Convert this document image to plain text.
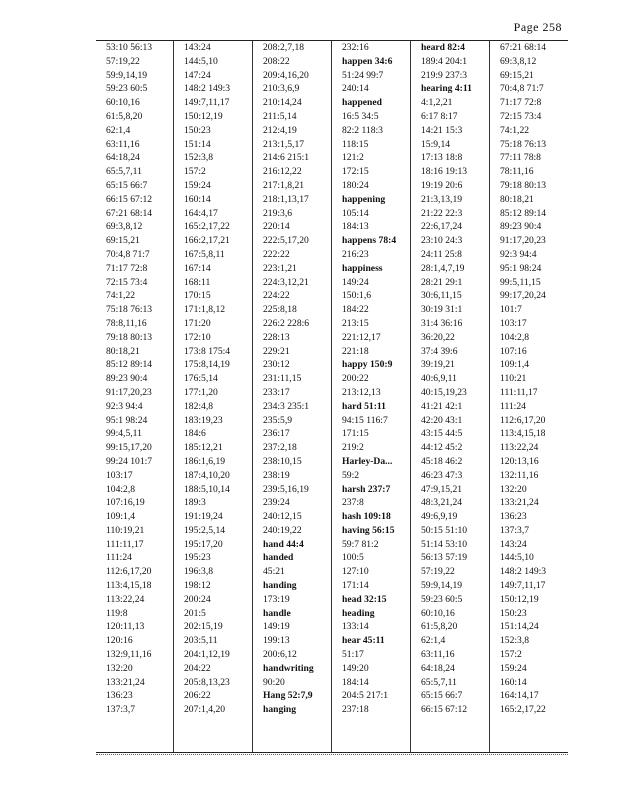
Page 258
53:10 56:13
57:19,22
59:9,14,19
59:23 60:5
60:10,16
61:5,8,20
62:1,4
63:11,16
64:18,24
65:5,7,11
65:15 66:7
66:15 67:12
67:21 68:14
69:3,8,12
69:15,21
70:4,8 71:7
71:17 72:8
72:15 73:4
74:1,22
75:18 76:13
78:8,11,16
79:18 80:13
80:18,21
85:12 89:14
89:23 90:4
91:17,20,23
92:3 94:4
95:1 98:24
99:4,5,11
99:15,17,20
99:24 101:7
103:17
104:2,8
107:16,19
109:1,4
110:19,21
111:11,17
111:24
112:6,17,20
113:4,15,18
113:22,24
119:8
120:11,13
120:16
132:9,11,16
132:20
133:21,24
136:23
137:3,7
143:24
144:5,10
147:24
148:2 149:3
149:7,11,17
150:12,19
150:23
151:14
152:3,8
157:2
159:24
160:14
164:4,17
165:2,17,22
166:2,17,21
167:5,8,11
167:14
168:11
170:15
171:1,8,12
171:20
172:10
173:8 175:4
175:8,14,19
176:5,14
177:1,20
182:4,8
183:19,23
184:6
185:12,21
186:1,6,19
187:4,10,20
188:5,10,14
189:3
191:19,24
195:2,5,14
195:17,20
195:23
196:3,8
198:12
200:24
201:5
202:15,19
203:5,11
204:1,12,19
204:22
205:8,13,23
206:22
207:1,4,20
208:2,7,18
208:22
209:4,16,20
210:3,6,9
210:14,24
211:5,14
212:4,19
213:1,5,17
214:6 215:1
216:12,22
217:1,8,21
218:1,13,17
219:3,6
220:14
222:5,17,20
222:22
223:1,21
224:3,12,21
224:22
225:8,18
226:2 228:6
228:13
229:21
230:12
231:11,15
233:17
234:3 235:1
235:5,9
236:17
237:2,18
238:10,15
238:19
239:5,16,19
239:24
240:12,15
240:19,22
hand 44:4
handed
45:21
handing
173:19
handle
149:19
199:13
200:6,12
handwriting
90:20
Hang 52:7,9
hanging
232:16
happen 34:6
51:24 99:7
240:14
happened
16:5 34:5
82:2 118:3
118:15
121:2
172:15
180:24
happening
105:14
184:13
happens 78:4
216:23
happiness
149:24
150:1,6
184:22
213:15
221:12,17
221:18
happy 150:9
200:22
213:12,13
hard 51:11
94:15 116:7
171:15
219:2
Harley-Da...
59:2
harsh 237:7
237:8
hash 109:18
having 56:15
59:7 81:2
100:5
127:10
171:14
head 32:15
heading
133:14
hear 45:11
51:17
149:20
184:14
204:5 217:1
237:18
heard 82:4
189:4 204:1
219:9 237:3
hearing 4:11
4:1,2,21
6:17 8:17
14:21 15:3
15:9,14
17:13 18:8
18:16 19:13
19:19 20:6
21:3,13,19
21:22 22:3
22:6,17,24
23:10 24:3
24:11 25:8
28:1,4,7,19
28:21 29:1
30:6,11,15
30:19 31:1
31:4 36:16
36:20,22
37:4 39:6
39:19,21
40:6,9,11
40:15,19,23
41:21 42:1
42:20 43:1
43:15 44:5
44:12 45:2
45:18 46:2
46:23 47:3
47:9,15,21
48:3,21,24
49:6,9,19
50:15 51:10
51:14 53:10
56:13 57:19
57:19,22
59:9,14,19
59:23 60:5
60:10,16
61:5,8,20
62:1,4
63:11,16
64:18,24
65:5,7,11
65:15 66:7
66:15 67:12
67:21 68:14
69:3,8,12
69:15,21
70:4,8 71:7
71:17 72:8
72:15 73:4
74:1,22
75:18 76:13
77:11 78:8
78:11,16
79:18 80:13
80:18,21
85:12 89:14
89:23 90:4
91:17,20,23
92:3 94:4
95:1 98:24
99:5,11,15
99:17,20,24
101:7
103:17
104:2,8
107:16
109:1,4
110:21
111:11,17
111:24
112:6,17,20
113:4,15,18
113:22,24
120:13,16
132:11,16
132:20
133:21,24
136:23
137:3,7
143:24
144:5,10
148:2 149:3
149:7,11,17
150:12,19
150:23
151:14,24
152:3,8
157:2
159:24
160:14
164:14,17
165:2,17,22
